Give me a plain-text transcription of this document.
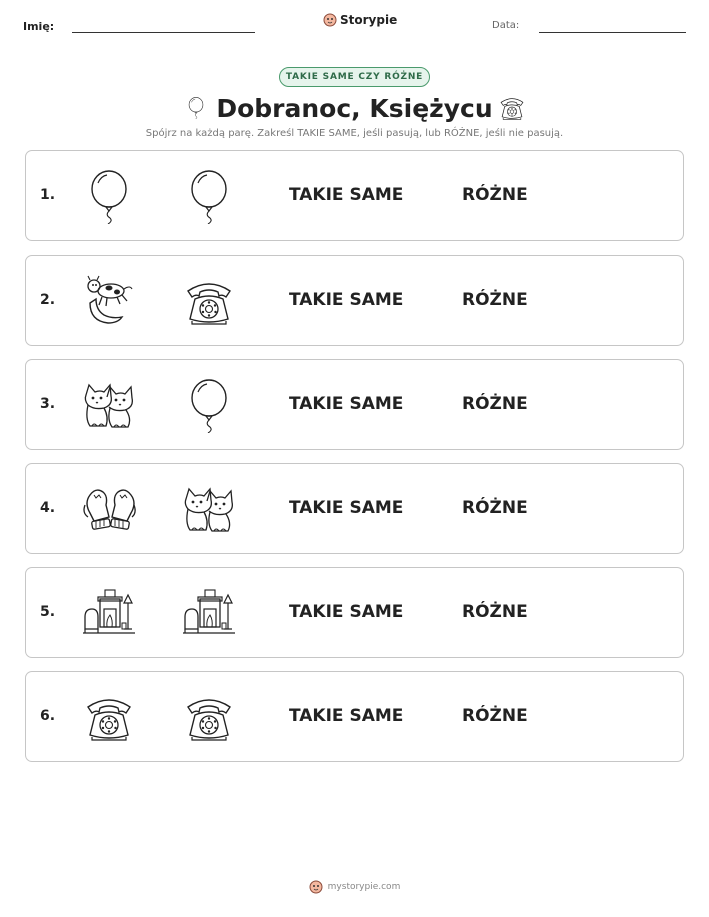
Imię:	Storypie	Data:
TAKIE SAME CZY RÓŻNE
Dobranoc, Księżycu
Spójrz na każdą parę. Zakreśl TAKIE SAME, jeśli pasują, lub RÓŻNE, jeśli nie pasują.
1.	TAKIE SAME	RÓŻNE
2.	TAKIE SAME	RÓŻNE
3.	TAKIE SAME	RÓŻNE
4.	TAKIE SAME	RÓŻNE
5.	TAKIE SAME	RÓŻNE
6.	TAKIE SAME	RÓŻNE
mystorypie.com
